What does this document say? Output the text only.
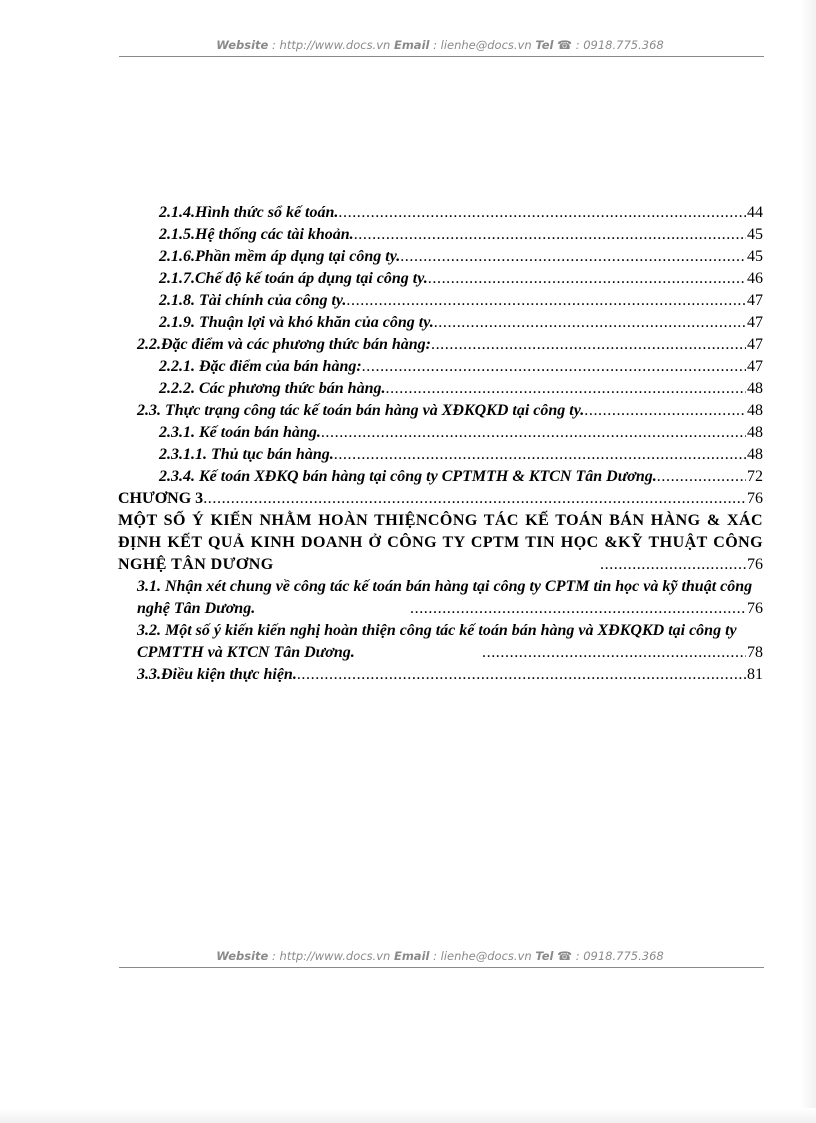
Website : http://www.docs.vn Email : lienhe@docs.vn Tel ☎ : 0918.775.368
2.1.4.Hình thức sổ kế toán. .....	44
2.1.5.Hệ thống các tài khoản. .....	45
2.1.6.Phần mềm áp dụng tại công ty. .....	45
2.1.7.Chế độ kế toán áp dụng tại công ty. .....	46
2.1.8. Tài chính của công ty. .....	47
2.1.9. Thuận lợi và khó khăn của công ty. .....	47
2.2.Đặc điểm và các phương thức bán hàng: .....	47
2.2.1. Đặc điểm của bán hàng: .....	47
2.2.2. Các phương thức bán hàng. .....	48
2.3. Thực trạng công tác kế toán bán hàng và XĐKQKD tại công ty. .....	48
2.3.1. Kế toán bán hàng. .....	48
2.3.1.1. Thủ tục bán hàng. .....	48
2.3.4. Kế toán XĐKQ bán hàng tại công ty CPTMTH & KTCN Tân Dương. .....	72
CHƯƠNG 3 .....	76
MỘT SỐ Ý KIẾN NHẰM HOÀN THIỆNCÔNG TÁC KẾ TOÁN BÁN HÀNG & XÁC ĐỊNH KẾT QUẢ KINH DOANH Ở CÔNG TY CPTM TIN HỌC &KỸ THUẬT CÔNG NGHỆ TÂN DƯƠNG .....	76
3.1. Nhận xét chung về công tác kế toán bán hàng tại công ty CPTM tin học và kỹ thuật công nghệ Tân Dương. .....	76
3.2. Một số ý kiến kiến nghị hoàn thiện công tác kế toán bán hàng và XĐKQKD tại công ty CPMTTH và KTCN Tân Dương. .....	78
3.3.Điều kiện thực hiện. .....	81
Website : http://www.docs.vn Email : lienhe@docs.vn Tel ☎ : 0918.775.368
